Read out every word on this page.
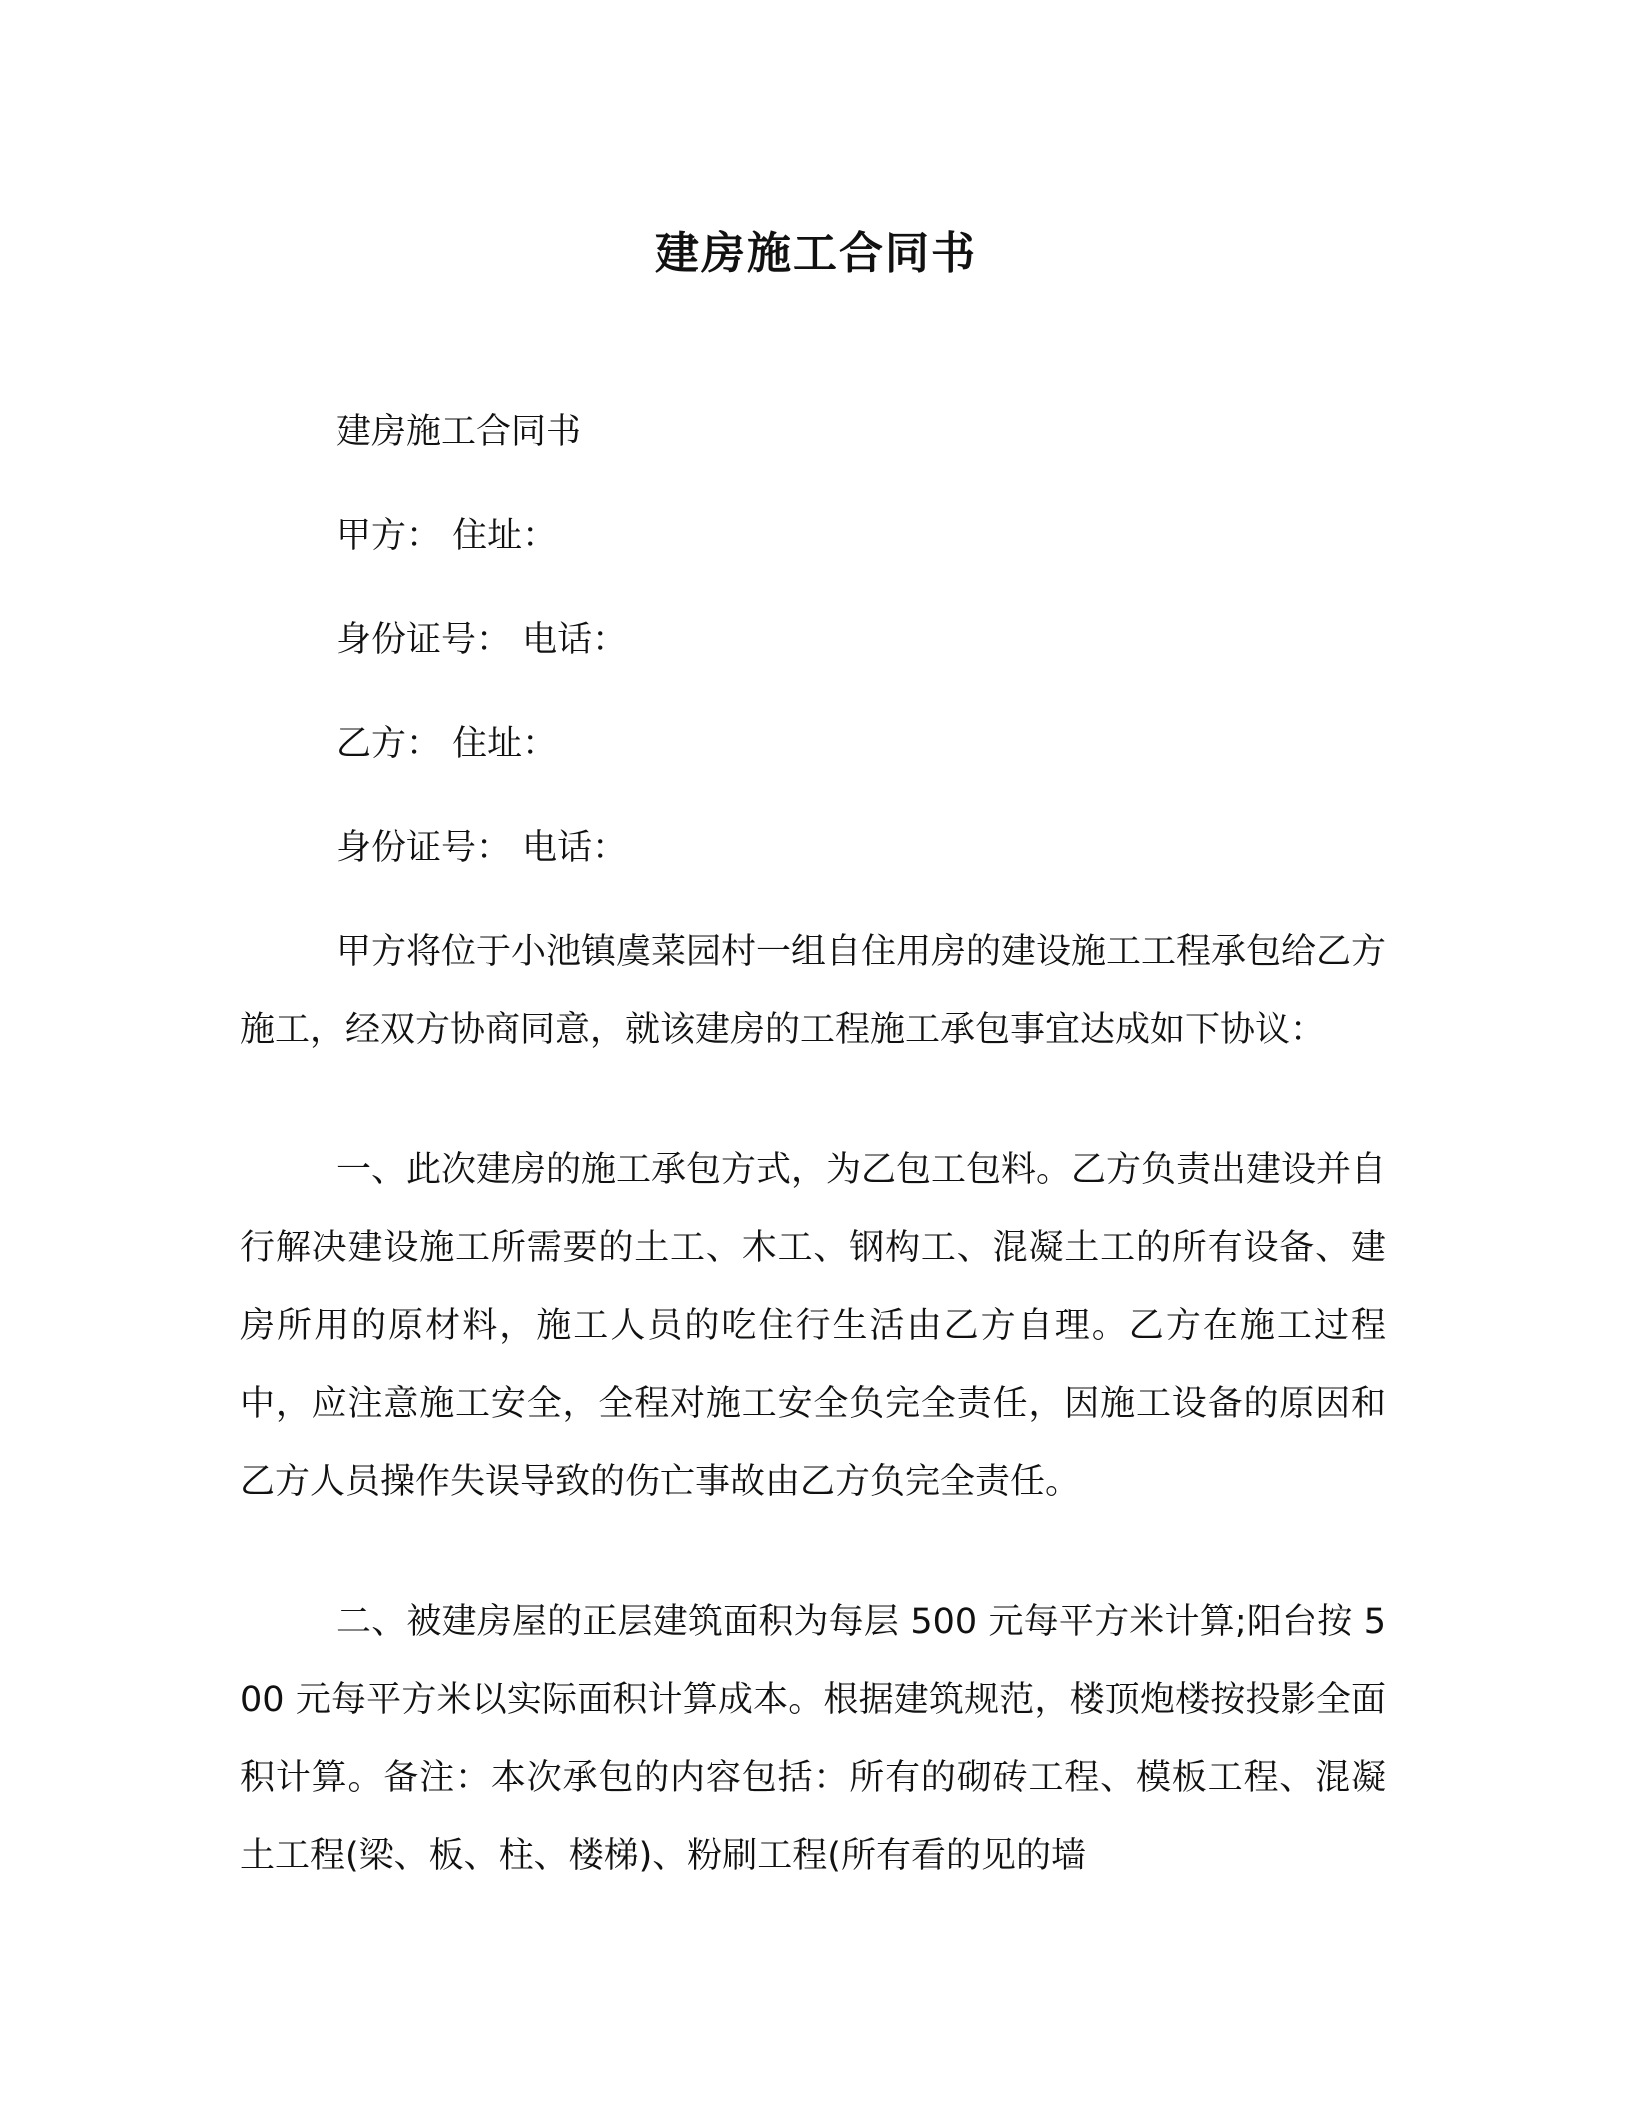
建房施工合同书
建房施工合同书
甲方： 住址：
身份证号： 电话：
乙方： 住址：
身份证号： 电话：
甲方将位于小池镇虞菜园村一组自住用房的建设施工工程承包给乙方施工，经双方协商同意，就该建房的工程施工承包事宜达成如下协议：
一、此次建房的施工承包方式，为乙包工包料。乙方负责出建设并自行解决建设施工所需要的土工、木工、钢构工、混凝土工的所有设备、建房所用的原材料，施工人员的吃住行生活由乙方自理。乙方在施工过程中，应注意施工安全，全程对施工安全负完全责任，因施工设备的原因和乙方人员操作失误导致的伤亡事故由乙方负完全责任。
二、被建房屋的正层建筑面积为每层 500 元每平方米计算;阳台按 500 元每平方米以实际面积计算成本。根据建筑规范，楼顶炮楼按投影全面积计算。备注：本次承包的内容包括：所有的砌砖工程、模板工程、混凝土工程(梁、板、柱、楼梯)、粉刷工程(所有看的见的墙
